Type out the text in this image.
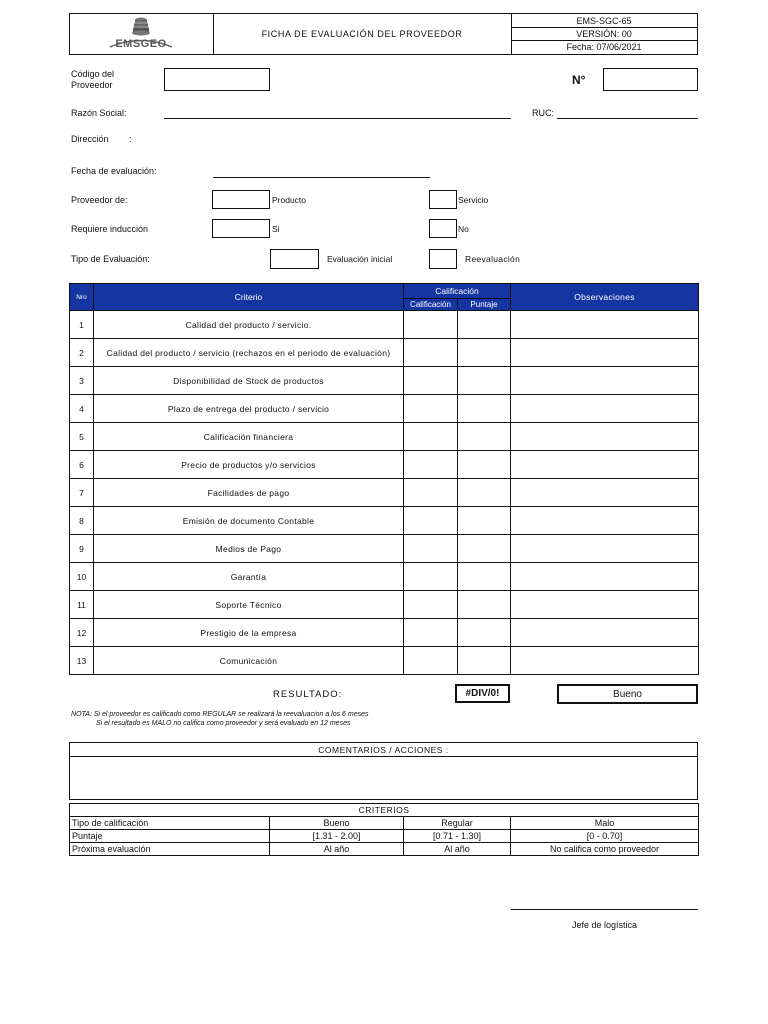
EMSGEO
FICHA DE EVALUACIÓN DEL PROVEEDOR
EMS-SGC-65
VERSIÓN: 00
Fecha: 07/06/2021
Código del
Proveedor	N°
Razón Social:	RUC:
Dirección :
Fecha de evaluación:
Proveedor de:	Producto	Servicio
Requiere inducción	Si	No
Tipo de Evaluación:	Evaluación inicial	Reevaluación
Nro	Criterio	Calificación		Observaciones
		Calificación	Puntaje	
1	Calidad del producto / servicio.			
2	Calidad del producto / servicio (rechazos en el periodo de evaluación)			
3	Disponibilidad de Stock de productos			
4	Plazo de entrega del producto / servicio			
5	Calificación financiera			
6	Precio de productos y/o servicios			
7	Facilidades de pago			
8	Emisión de documento Contable			
9	Medios de Pago			
10	Garantía			
11	Soporte Técnico			
12	Prestigio de la empresa			
13	Comunicación			
RESULTADO:	#DIV/0!	Bueno
NOTA: Si el proveedor es calificado como REGULAR se realizará la reevaluacion a los 6 meses
Si el resultado es MALO no califica como proveedor y será evaluado en 12 meses
COMENTARIOS / ACCIONES :
CRITERIOS			
Tipo de calificación	Bueno	Regular	Malo
Puntaje	[1.31 - 2.00]	[0.71 - 1.30]	[0 - 0.70]
Próxima evaluación	Al año	Al año	No califica como proveedor
Jefe de logística
